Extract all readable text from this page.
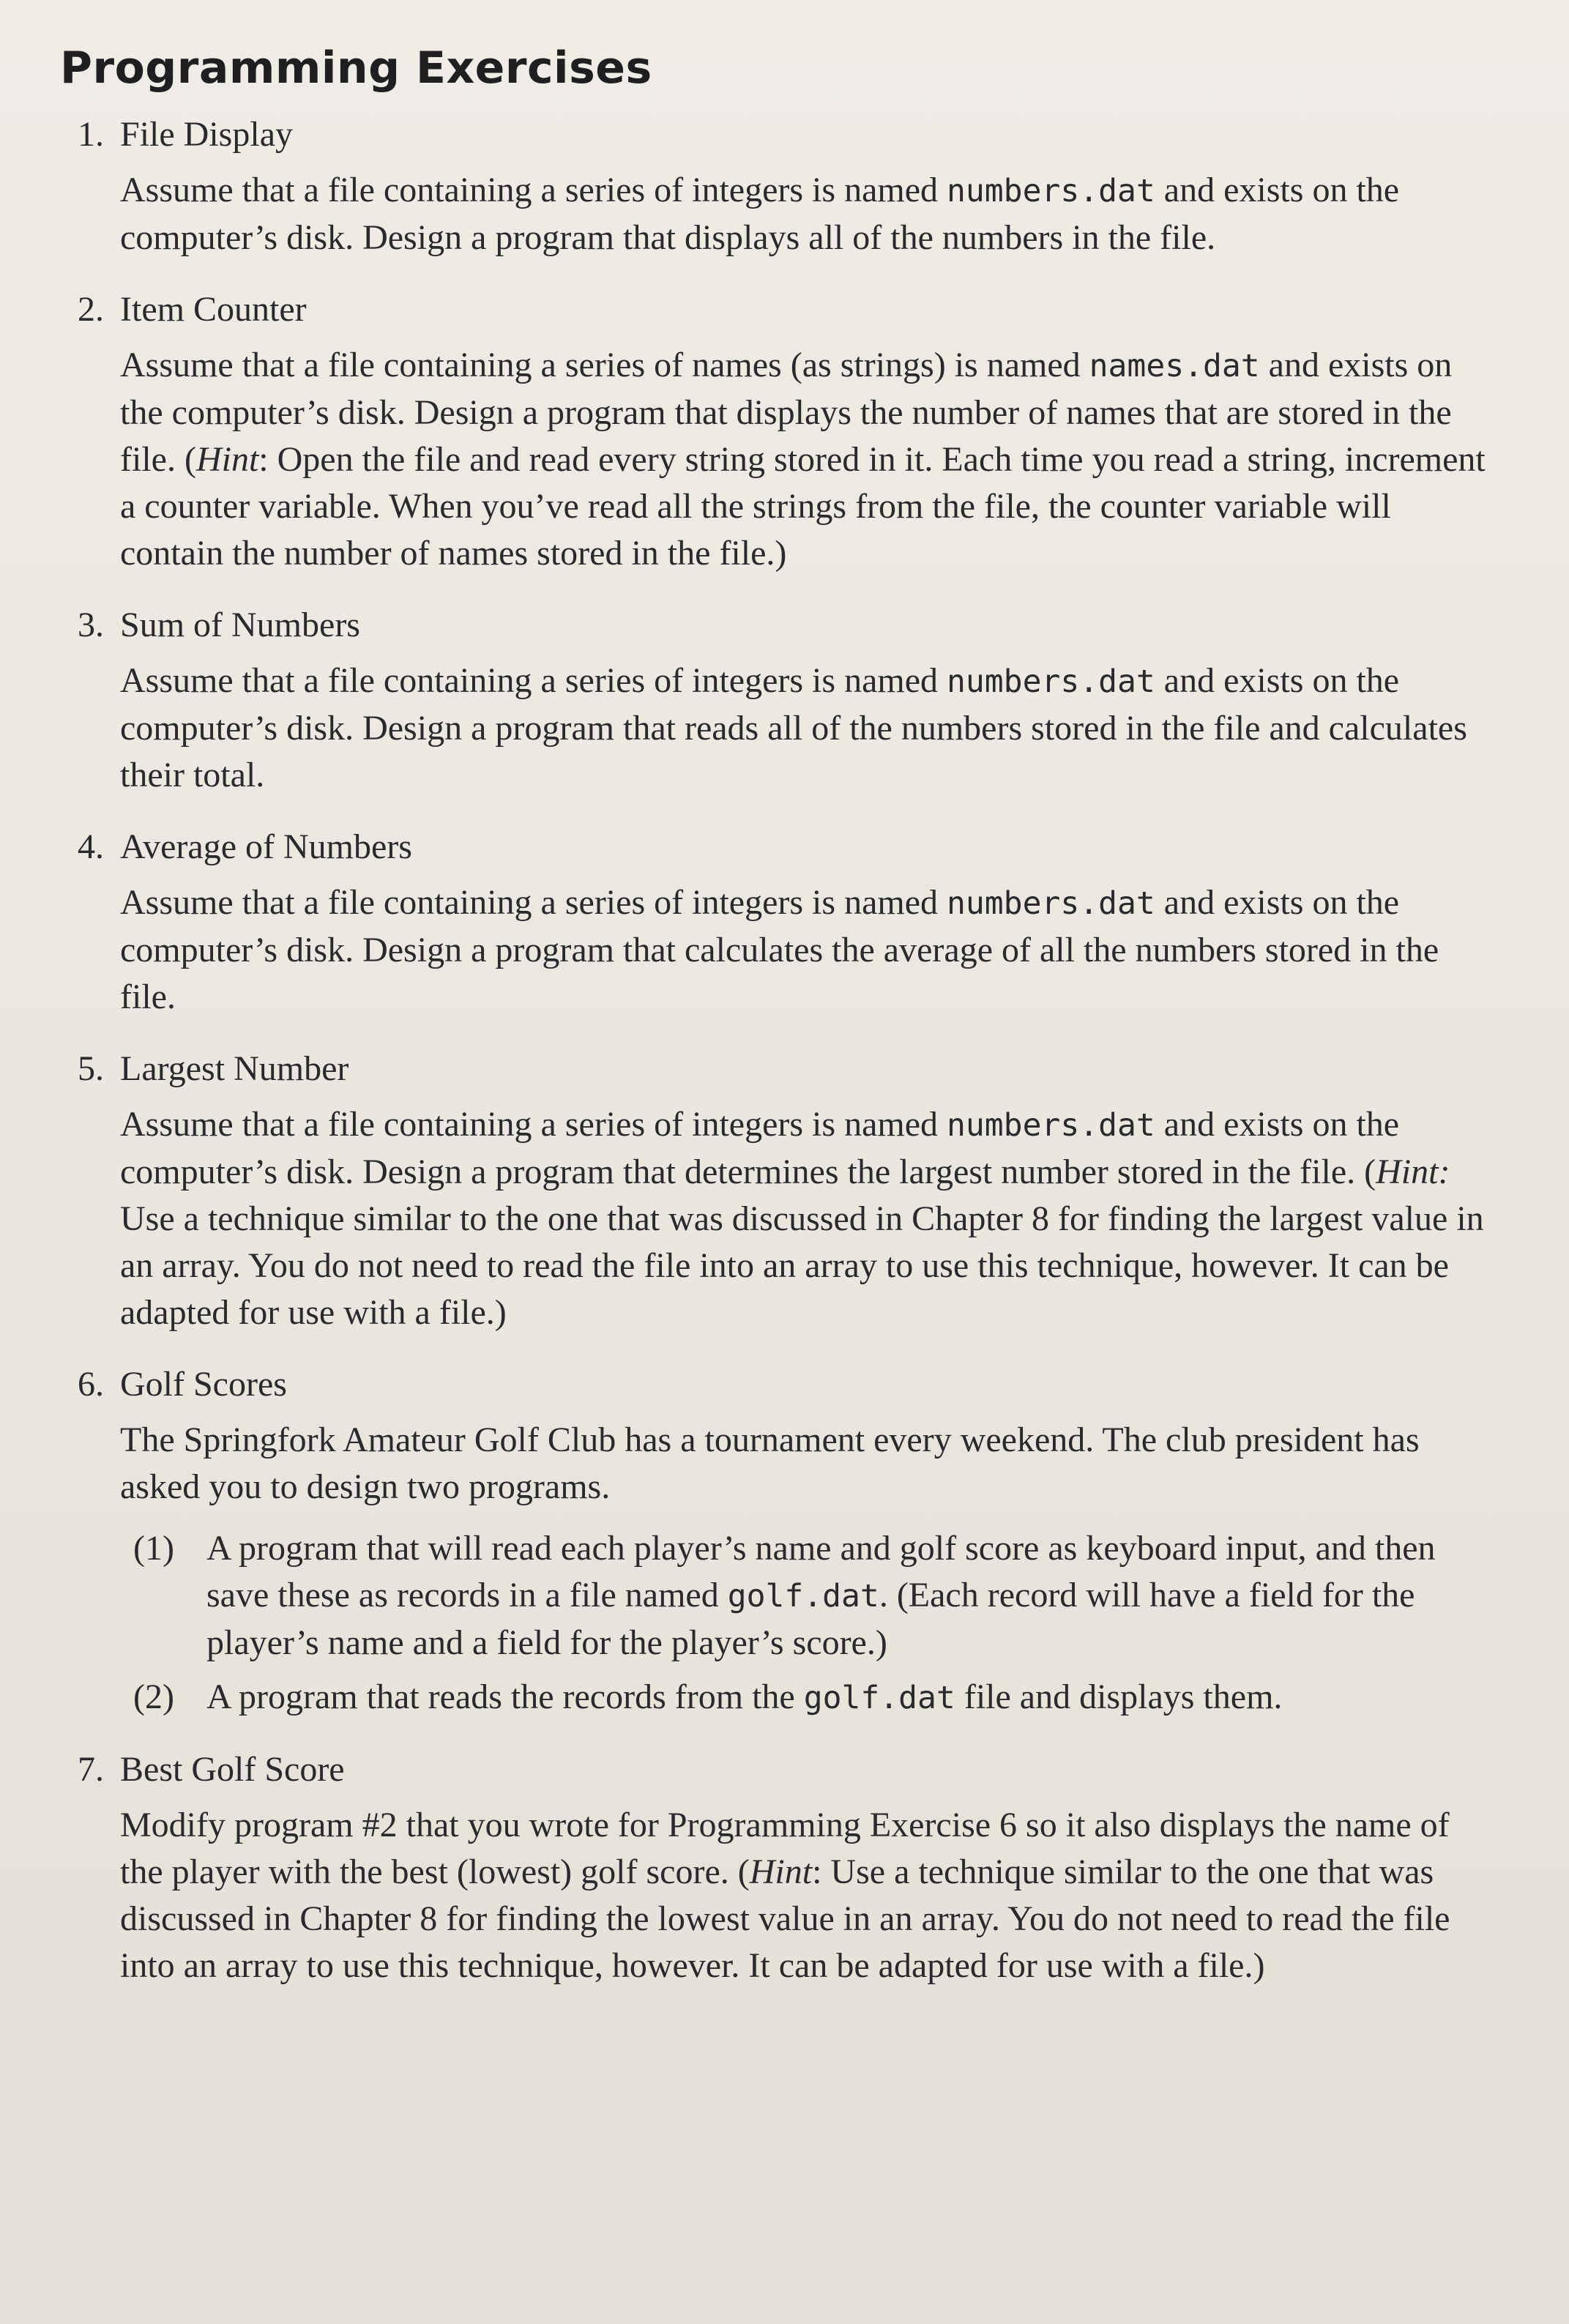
Programming Exercises
1. File Display

Assume that a file containing a series of integers is named numbers.dat and exists on the computer’s disk. Design a program that displays all of the numbers in the file.

2. Item Counter

Assume that a file containing a series of names (as strings) is named names.dat and exists on the computer’s disk. Design a program that displays the number of names that are stored in the file. (Hint: Open the file and read every string stored in it. Each time you read a string, increment a counter variable. When you’ve read all the strings from the file, the counter variable will contain the number of names stored in the file.)

3. Sum of Numbers

Assume that a file containing a series of integers is named numbers.dat and exists on the computer’s disk. Design a program that reads all of the numbers stored in the file and calculates their total.

4. Average of Numbers

Assume that a file containing a series of integers is named numbers.dat and exists on the computer’s disk. Design a program that calculates the average of all the numbers stored in the file.

5. Largest Number

Assume that a file containing a series of integers is named numbers.dat and exists on the computer’s disk. Design a program that determines the largest number stored in the file. (Hint: Use a technique similar to the one that was discussed in Chapter 8 for finding the largest value in an array. You do not need to read the file into an array to use this technique, however. It can be adapted for use with a file.)

6. Golf Scores

The Springfork Amateur Golf Club has a tournament every weekend. The club president has asked you to design two programs.

(1) A program that will read each player’s name and golf score as keyboard input, and then save these as records in a file named golf.dat. (Each record will have a field for the player’s name and a field for the player’s score.)
(2) A program that reads the records from the golf.dat file and displays them.
7. Best Golf Score

Modify program #2 that you wrote for Programming Exercise 6 so it also displays the name of the player with the best (lowest) golf score. (Hint: Use a technique similar to the one that was discussed in Chapter 8 for finding the lowest value in an array. You do not need to read the file into an array to use this technique, however. It can be adapted for use with a file.)
